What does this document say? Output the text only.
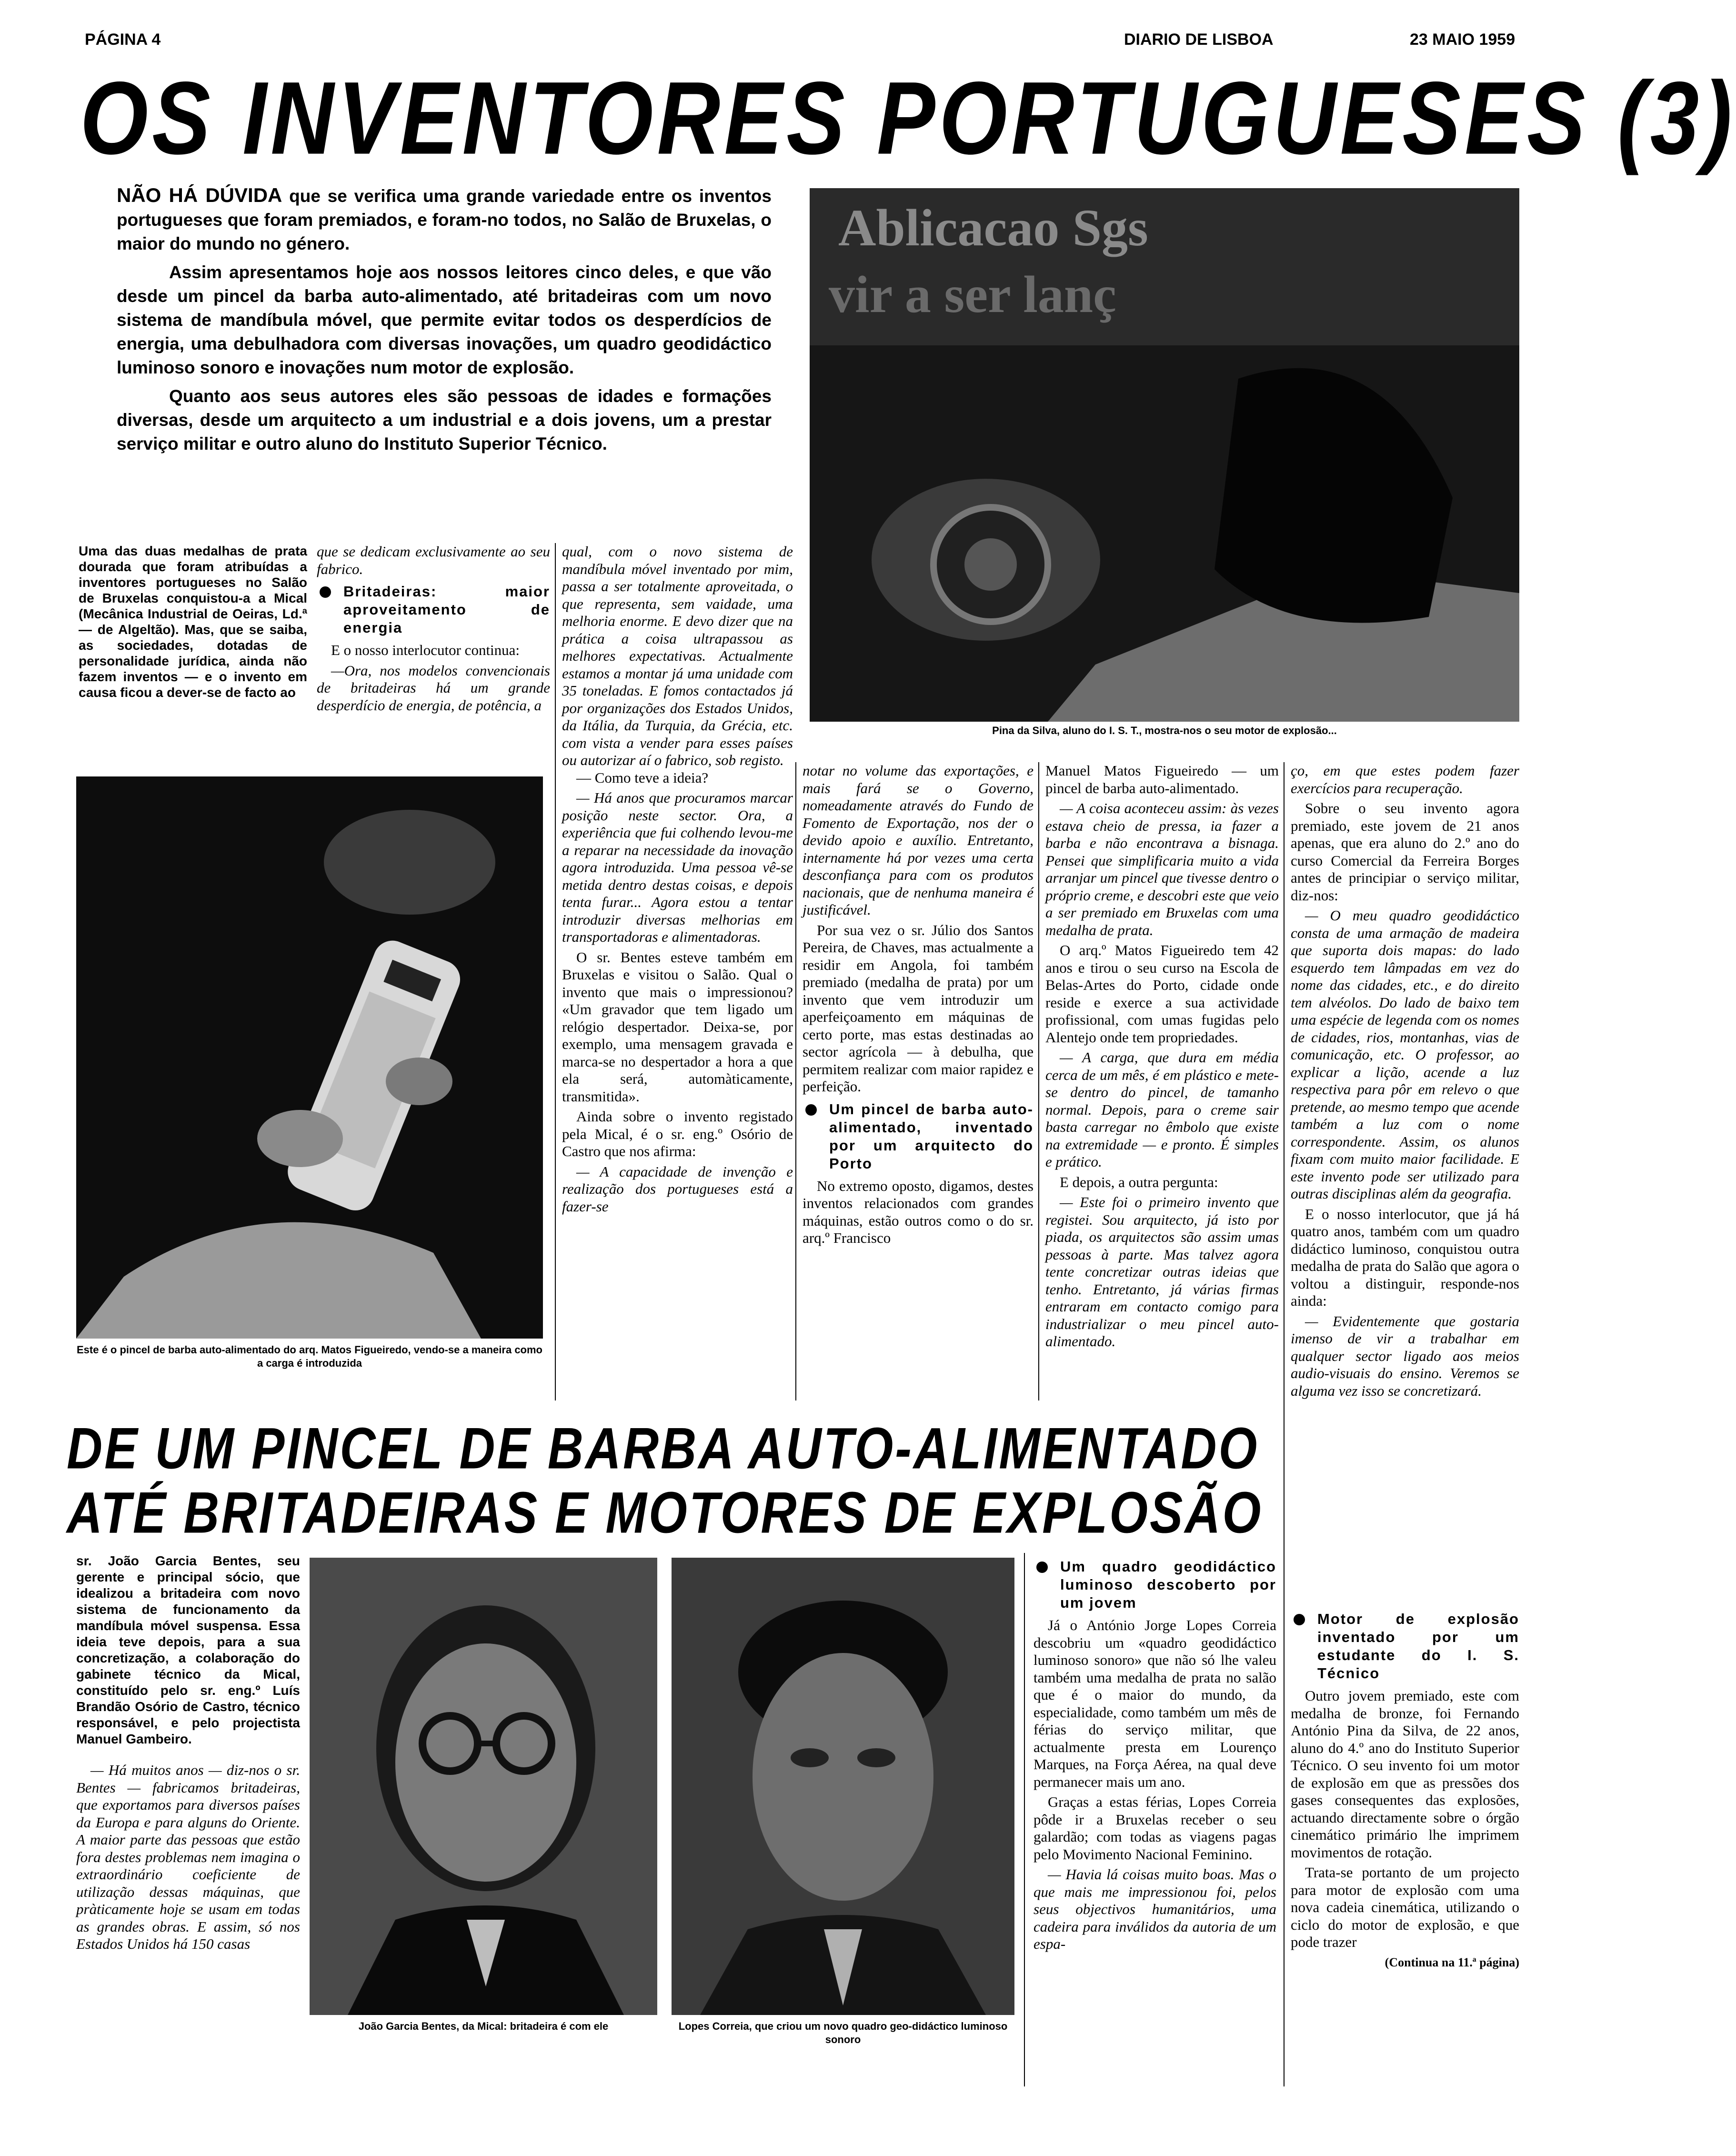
PÁGINA 4	DIARIO DE LISBOA	23 MAIO 1959
OS INVENTORES PORTUGUESES (3)

NÃO HÁ DÚVIDA que se verifica uma grande variedade entre os inventos portugueses que foram premiados, e foram-no todos, no Salão de Bruxelas, o maior do mundo no género.

Assim apresentamos hoje aos nossos leitores cinco deles, e que vão desde um pincel da barba auto-alimentado, até britadeiras com um novo sistema de mandíbula móvel, que permite evitar todos os desperdícios de energia, uma debulhadora com diversas inovações, um quadro geodidáctico luminoso sonoro e inovações num motor de explosão.

Quanto aos seus autores eles são pessoas de idades e formações diversas, desde um arquitecto a um industrial e a dois jovens, um a prestar serviço militar e outro aluno do Instituto Superior Técnico.

Ablicacao Sgs
vir a ser lanç
Pina da Silva, aluno do I. S. T., mostra-nos o seu motor de explosão...
Uma das duas medalhas de prata dourada que foram atribuídas a inventores portugueses no Salão de Bruxelas conquistou-a a Mical (Mecânica Industrial de Oeiras, Ld.ª — de Algeltão). Mas, que se saiba, as sociedades, dotadas de personalidade jurídica, ainda não fazem inventos — e o invento em causa ficou a dever-se de facto ao
que se dedicam exclusivamente ao seu fabrico.
Britadeiras: maior aproveitamento de energia

E o nosso interlocutor continua:

—Ora, nos modelos convencionais de britadeiras há um grande desperdício de energia, de potência, a

qual, com o novo sistema de mandíbula móvel inventado por mim, passa a ser totalmente aproveitada, o que representa, sem vaidade, uma melhoria enorme. E devo dizer que na prática a coisa ultrapassou as melhores expectativas. Actualmente estamos a montar já uma unidade com 35 toneladas. E fomos contactados já por organizações dos Estados Unidos, da Itália, da Turquia, da Grécia, etc. com vista a vender para esses países ou autorizar aí o fabrico, sob registo.

— Como teve a ideia?

— Há anos que procuramos marcar posição neste sector. Ora, a experiência que fui colhendo levou-me a reparar na necessidade da inovação agora introduzida. Uma pessoa vê-se metida dentro destas coisas, e depois tenta furar... Agora estou a tentar introduzir diversas melhorias em transportadoras e alimentadoras.

O sr. Bentes esteve também em Bruxelas e visitou o Salão. Qual o invento que mais o impressionou? «Um gravador que tem ligado um relógio despertador. Deixa-se, por exemplo, uma mensagem gravada e marca-se no despertador a hora a que ela será, automàticamente, transmitida».

Ainda sobre o invento registado pela Mical, é o sr. eng.º Osório de Castro que nos afirma:

— A capacidade de invenção e realização dos portugueses está a fazer-se

Este é o pincel de barba auto-alimentado do arq. Matos Figueiredo, vendo-se a maneira como a carga é introduzida

notar no volume das exportações, e mais fará se o Governo, nomeadamente através do Fundo de Fomento de Exportação, nos der o devido apoio e auxílio. Entretanto, internamente há por vezes uma certa desconfiança para com os produtos nacionais, que de nenhuma maneira é justificável.

Por sua vez o sr. Júlio dos Santos Pereira, de Chaves, mas actualmente a residir em Angola, foi também premiado (medalha de prata) por um invento que vem introduzir um aperfeiçoamento em máquinas de certo porte, mas estas destinadas ao sector agrícola — à debulha, que permitem realizar com maior rapidez e perfeição.

Um pincel de barba auto-alimentado, inventado por um arquitecto do Porto

No extremo oposto, digamos, destes inventos relacionados com grandes máquinas, estão outros como o do sr. arq.º Francisco

Manuel Matos Figueiredo — um pincel de barba auto-alimentado.

— A coisa aconteceu assim: às vezes estava cheio de pressa, ia fazer a barba e não encontrava a bisnaga. Pensei que simplificaria muito a vida arranjar um pincel que tivesse dentro o próprio creme, e descobri este que veio a ser premiado em Bruxelas com uma medalha de prata.

O arq.º Matos Figueiredo tem 42 anos e tirou o seu curso na Escola de Belas-Artes do Porto, cidade onde reside e exerce a sua actividade profissional, com umas fugidas pelo Alentejo onde tem propriedades.

— A carga, que dura em média cerca de um mês, é em plástico e mete-se dentro do pincel, de tamanho normal. Depois, para o creme sair basta carregar no êmbolo que existe na extremidade — e pronto. É simples e prático.

E depois, a outra pergunta:

— Este foi o primeiro invento que registei. Sou arquitecto, já isto por piada, os arquitectos são assim umas pessoas à parte. Mas talvez agora tente concretizar outras ideias que tenho. Entretanto, já várias firmas entraram em contacto comigo para industrializar o meu pincel auto-alimentado.

ço, em que estes podem fazer exercícios para recuperação.

Sobre o seu invento agora premiado, este jovem de 21 anos apenas, que era aluno do 2.º ano do curso Comercial da Ferreira Borges antes de principiar o serviço militar, diz-nos:

— O meu quadro geodidáctico consta de uma armação de madeira que suporta dois mapas: do lado esquerdo tem lâmpadas em vez do nome das cidades, etc., e do direito tem alvéolos. Do lado de baixo tem uma espécie de legenda com os nomes de cidades, rios, montanhas, vias de comunicação, etc. O professor, ao explicar a lição, acende a luz respectiva para pôr em relevo o que pretende, ao mesmo tempo que acende também a luz com o nome correspondente. Assim, os alunos fixam com muito maior facilidade. E este invento pode ser utilizado para outras disciplinas além da geografia.

E o nosso interlocutor, que já há quatro anos, também com um quadro didáctico luminoso, conquistou outra medalha de prata do Salão que agora o voltou a distinguir, responde-nos ainda:

— Evidentemente que gostaria imenso de vir a trabalhar em qualquer sector ligado aos meios audio-visuais do ensino. Veremos se alguma vez isso se concretizará.

DE UM PINCEL DE BARBA AUTO-ALIMENTADO
ATÉ BRITADEIRAS E MOTORES DE EXPLOSÃO

sr. João Garcia Bentes, seu gerente e principal sócio, que idealizou a britadeira com novo sistema de funcionamento da mandíbula móvel suspensa. Essa ideia teve depois, para a sua concretização, a colaboração do gabinete técnico da Mical, constituído pelo sr. eng.º Luís Brandão Osório de Castro, técnico responsável, e pelo projectista Manuel Gambeiro.

— Há muitos anos — diz-nos o sr. Bentes — fabricamos britadeiras, que exportamos para diversos países da Europa e para alguns do Oriente. A maior parte das pessoas que estão fora destes problemas nem imagina o extraordinário coeficiente de utilização dessas máquinas, que pràticamente hoje se usam em todas as grandes obras. E assim, só nos Estados Unidos há 150 casas

João Garcia Bentes, da Mical: britadeira é com ele	Lopes Correia, que criou um novo quadro geo-didáctico luminoso sonoro
Um quadro geodidáctico luminoso descoberto por um jovem

Já o António Jorge Lopes Correia descobriu um «quadro geodidáctico luminoso sonoro» que não só lhe valeu também uma medalha de prata no salão que é o maior do mundo, da especialidade, como também um mês de férias do serviço militar, que actualmente presta em Lourenço Marques, na Força Aérea, na qual deve permanecer mais um ano.

Graças a estas férias, Lopes Correia pôde ir a Bruxelas receber o seu galardão; com todas as viagens pagas pelo Movimento Nacional Feminino.

— Havia lá coisas muito boas. Mas o que mais me impressionou foi, pelos seus objectivos humanitários, uma cadeira para inválidos da autoria de um espa-

Motor de explosão inventado por um estudante do I. S. Técnico

Outro jovem premiado, este com medalha de bronze, foi Fernando António Pina da Silva, de 22 anos, aluno do 4.º ano do Instituto Superior Técnico. O seu invento foi um motor de explosão em que as pressões dos gases consequentes das explosões, actuando directamente sobre o órgão cinemático primário lhe imprimem movimentos de rotação.

Trata-se portanto de um projecto para motor de explosão com uma nova cadeia cinemática, utilizando o ciclo do motor de explosão, e que pode trazer

(Continua na 11.ª página)
